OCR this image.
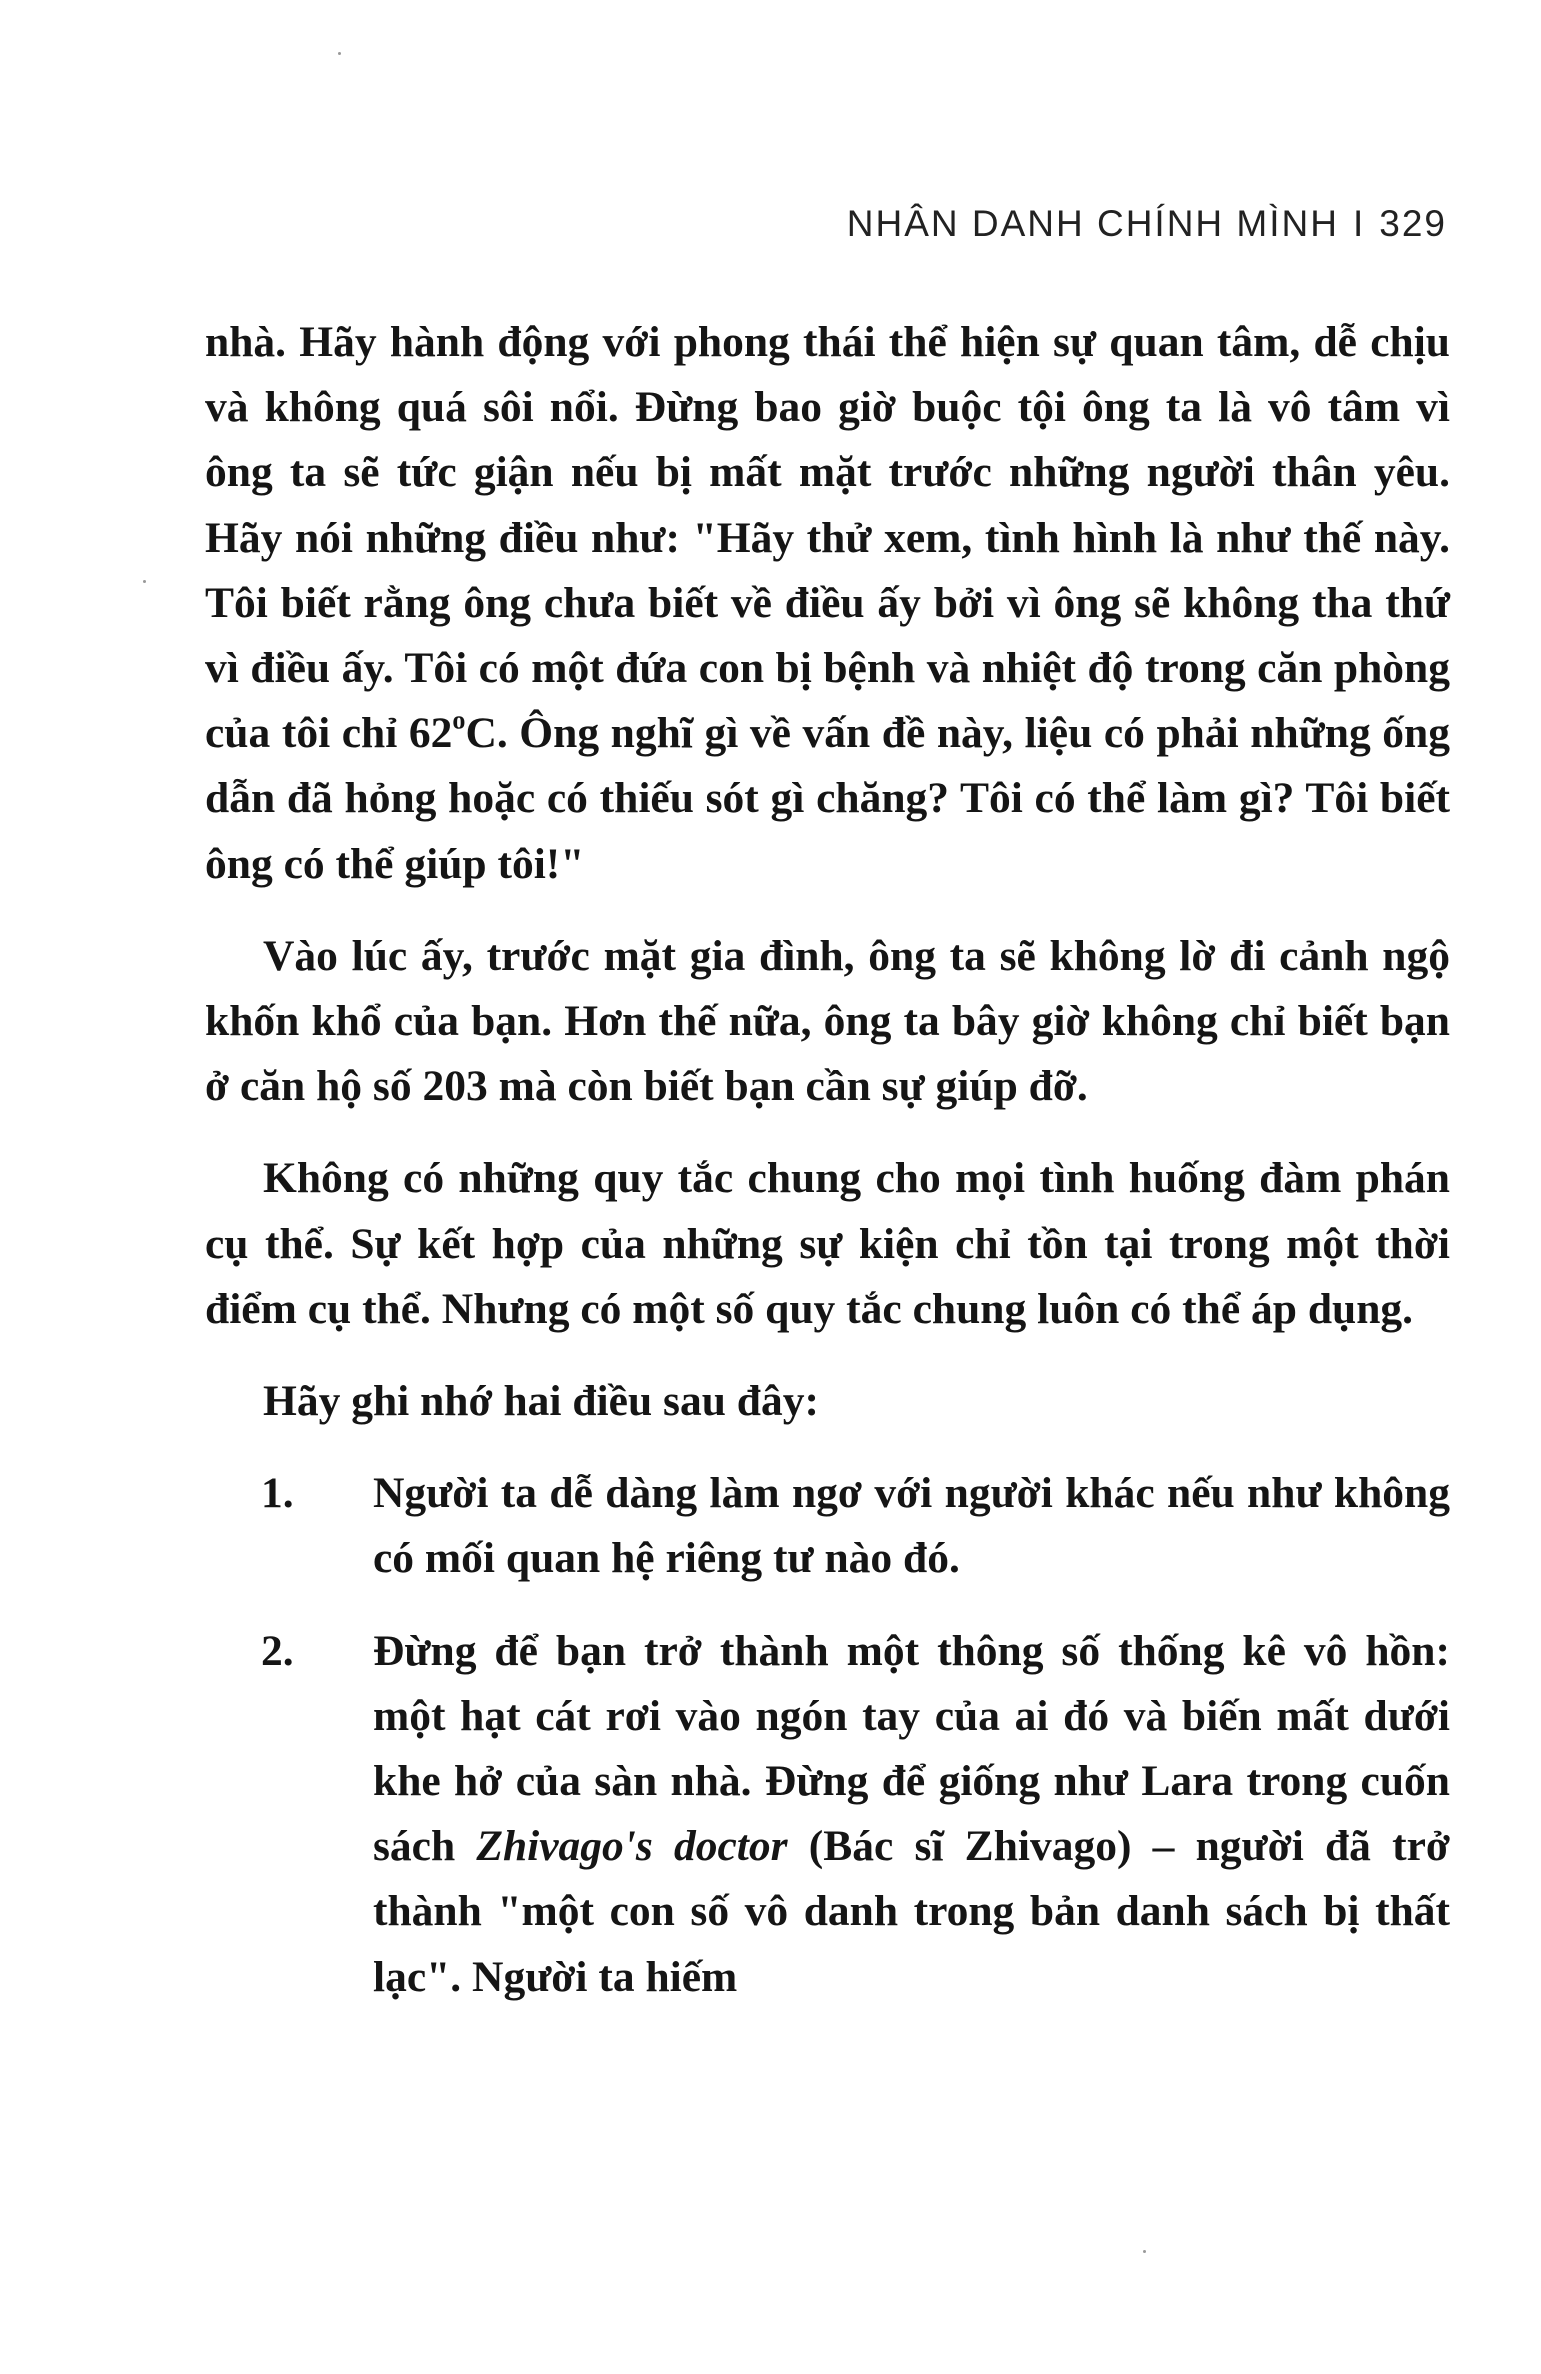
NHÂN DANH CHÍNH MÌNH I 329

nhà. Hãy hành động với phong thái thể hiện sự quan tâm, dễ chịu và không quá sôi nổi. Đừng bao giờ buộc tội ông ta là vô tâm vì ông ta sẽ tức giận nếu bị mất mặt trước những người thân yêu. Hãy nói những điều như: "Hãy thử xem, tình hình là như thế này. Tôi biết rằng ông chưa biết về điều ấy bởi vì ông sẽ không tha thứ vì điều ấy. Tôi có một đứa con bị bệnh và nhiệt độ trong căn phòng của tôi chỉ 62$^o$C. Ông nghĩ gì về vấn đề này, liệu có phải những ống dẫn đã hỏng hoặc có thiếu sót gì chăng? Tôi có thể làm gì? Tôi biết ông có thể giúp tôi!"

Vào lúc ấy, trước mặt gia đình, ông ta sẽ không lờ đi cảnh ngộ khốn khổ của bạn. Hơn thế nữa, ông ta bây giờ không chỉ biết bạn ở căn hộ số 203 mà còn biết bạn cần sự giúp đỡ.

Không có những quy tắc chung cho mọi tình huống đàm phán cụ thể. Sự kết hợp của những sự kiện chỉ tồn tại trong một thời điểm cụ thể. Nhưng có một số quy tắc chung luôn có thể áp dụng.

Hãy ghi nhớ hai điều sau đây:

1.	Người ta dễ dàng làm ngơ với người khác nếu như không có mối quan hệ riêng tư nào đó.
2.	Đừng để bạn trở thành một thông số thống kê vô hồn: một hạt cát rơi vào ngón tay của ai đó và biến mất dưới khe hở của sàn nhà. Đừng để giống như Lara trong cuốn sách Zhivago's doctor (Bác sĩ Zhivago) – người đã trở thành "một con số vô danh trong bản danh sách bị thất lạc". Người ta hiếm
